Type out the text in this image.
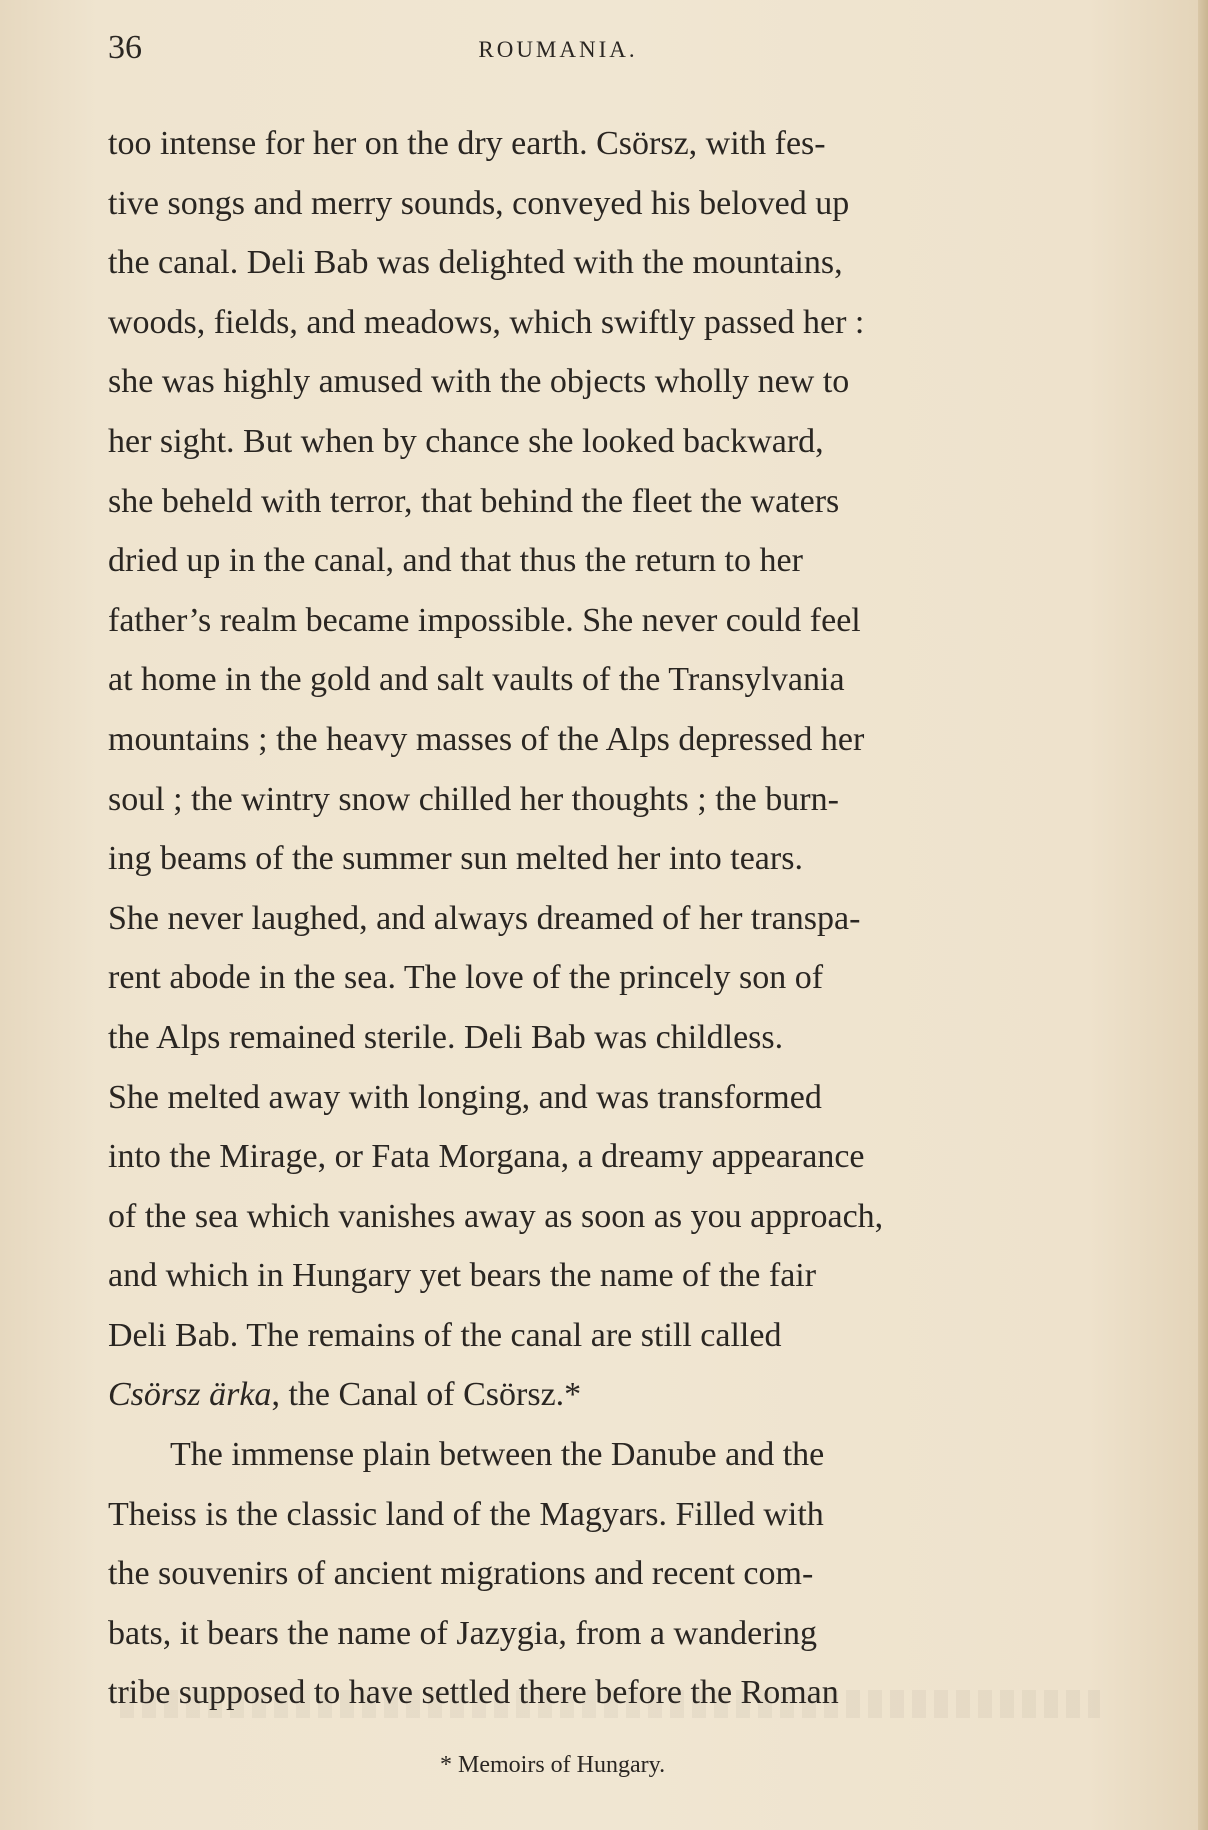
36	ROUMANIA.
too intense for her on the dry earth. Csörsz, with fes-
tive songs and merry sounds, conveyed his beloved up
the canal. Deli Bab was delighted with the mountains,
woods, fields, and meadows, which swiftly passed her :
she was highly amused with the objects wholly new to
her sight. But when by chance she looked backward,
she beheld with terror, that behind the fleet the waters
dried up in the canal, and that thus the return to her
father’s realm became impossible. She never could feel
at home in the gold and salt vaults of the Transylvania
mountains ; the heavy masses of the Alps depressed her
soul ; the wintry snow chilled her thoughts ; the burn-
ing beams of the summer sun melted her into tears.
She never laughed, and always dreamed of her transpa-
rent abode in the sea. The love of the princely son of
the Alps remained sterile. Deli Bab was childless.
She melted away with longing, and was transformed
into the Mirage, or Fata Morgana, a dreamy appearance
of the sea which vanishes away as soon as you approach,
and which in Hungary yet bears the name of the fair
Deli Bab. The remains of the canal are still called
Csörsz ärka, the Canal of Csörsz.*
The immense plain between the Danube and the
Theiss is the classic land of the Magyars. Filled with
the souvenirs of ancient migrations and recent com-
bats, it bears the name of Jazygia, from a wandering
tribe supposed to have settled there before the Roman
* Memoirs of Hungary.
